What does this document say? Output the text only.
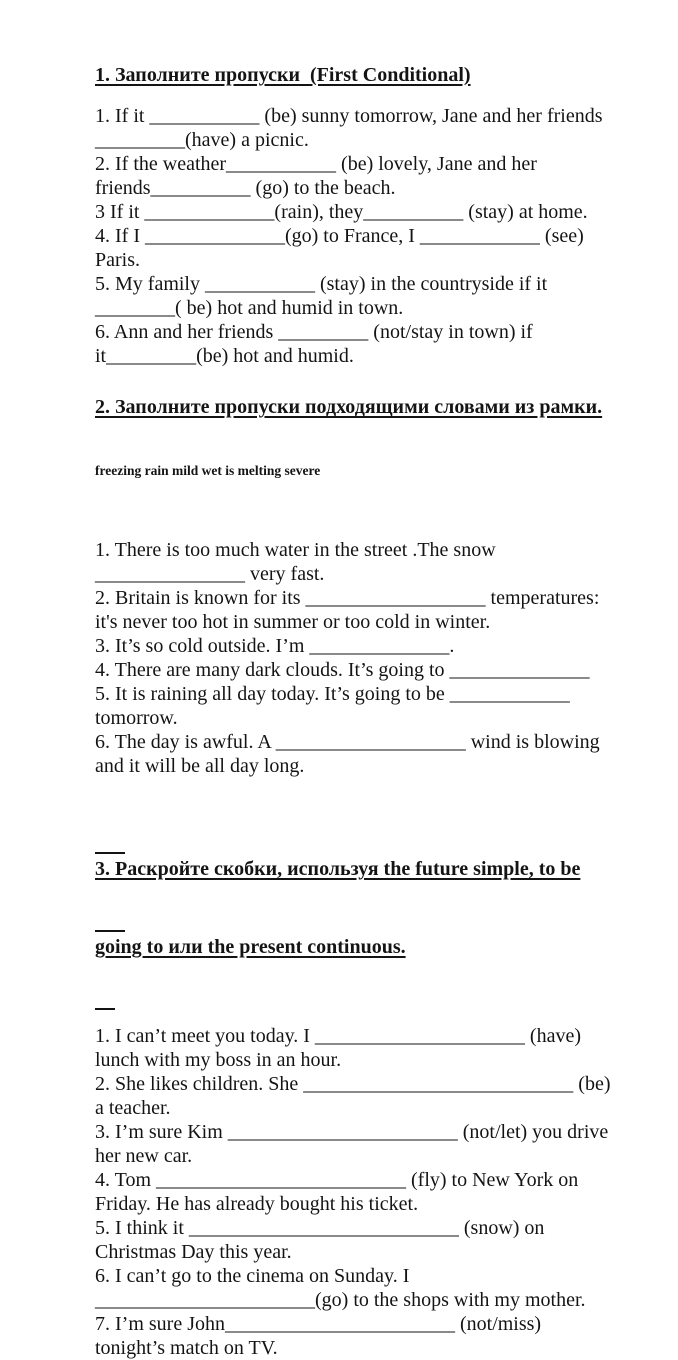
1. Заполните пропуски  (First Conditional)
1. If it ___________ (be) sunny tomorrow, Jane and her friends
_________(have) a picnic.
2. If the weather___________ (be) lovely, Jane and her
friends__________ (go) to the beach.
3 If it _____________(rain), they__________ (stay) at home.
4. If I ______________(go) to France, I ____________ (see)
Paris.
5. My family ___________ (stay) in the countryside if it
________( be) hot and humid in town.
6. Ann and her friends _________ (not/stay in town) if
it_________(be) hot and humid.
2. Заполните пропуски подходящими словами из рамки.
freezing rain mild wet is melting severe
1. There is too much water in the street .The snow
_______________ very fast.
2. Britain is known for its __________________ temperatures:
it's never too hot in summer or too cold in winter.
3. It’s so cold outside. I’m ______________.
4. There are many dark clouds. It’s going to ______________
5. It is raining all day today. It’s going to be ____________
tomorrow.
6. The day is awful. A ___________________ wind is blowing
and it will be all day long.

3. Раскройте скобки, используя the future simple, to be

going to или the present continuous.

1. I can’t meet you today. I _____________________ (have)
lunch with my boss in an hour.
2. She likes children. She ___________________________ (be)
a teacher.
3. I’m sure Kim _______________________ (not/let) you drive
her new car.
4. Tom _________________________ (fly) to New York on
Friday. He has already bought his ticket.
5. I think it ___________________________ (snow) on
Christmas Day this year.
6. I can’t go to the cinema on Sunday. I
______________________(go) to the shops with my mother.
7. I’m sure John_______________________ (not/miss)
tonight’s match on TV.
